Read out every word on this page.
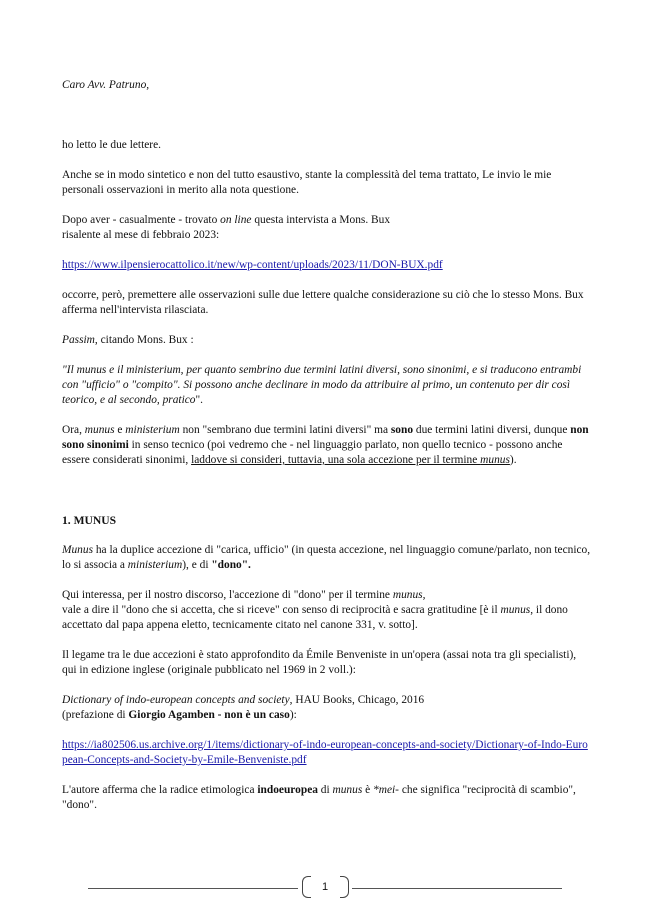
Caro Avv. Patruno,

ho letto le due lettere.

Anche se in modo sintetico e non del tutto esaustivo, stante la complessità del tema trattato, Le invio le mie personali osservazioni in merito alla nota questione.

Dopo aver - casualmente - trovato on line questa intervista a Mons. Bux
risalente al mese di febbraio 2023:

https://www.ilpensierocattolico.it/new/wp-content/uploads/2023/11/DON-BUX.pdf

occorre, però, premettere alle osservazioni sulle due lettere qualche considerazione su ciò che lo stesso Mons. Bux afferma nell'intervista rilasciata.

Passim, citando Mons. Bux :

"Il munus e il ministerium, per quanto sembrino due termini latini diversi, sono sinonimi, e si traducono entrambi con "ufficio" o "compito". Si possono anche declinare in modo da attribuire al primo, un contenuto per dir così teorico, e al secondo, pratico".

Ora, munus e ministerium non "sembrano due termini latini diversi" ma sono due termini latini diversi, dunque non sono sinonimi in senso tecnico (poi vedremo che - nel linguaggio parlato, non quello tecnico - possono anche essere considerati sinonimi, laddove si consideri, tuttavia, una sola accezione per il termine munus).

1. MUNUS

Munus ha la duplice accezione di "carica, ufficio" (in questa accezione, nel linguaggio comune/parlato, non tecnico, lo si associa a ministerium), e di "dono".

Qui interessa, per il nostro discorso, l'accezione di "dono" per il termine munus,
vale a dire il "dono che si accetta, che si riceve" con senso di reciprocità e sacra gratitudine [è il munus, il dono accettato dal papa appena eletto, tecnicamente citato nel canone 331, v. sotto].

Il legame tra le due accezioni è stato approfondito da Émile Benveniste in un'opera (assai nota tra gli specialisti), qui in edizione inglese (originale pubblicato nel 1969 in 2 voll.):

Dictionary of indo-european concepts and society, HAU Books, Chicago, 2016
(prefazione di Giorgio Agamben - non è un caso):

https://ia802506.us.archive.org/1/items/dictionary-of-indo-european-concepts-and-society/Dictionary-of-Indo-European-Concepts-and-Society-by-Emile-Benveniste.pdf

L'autore afferma che la radice etimologica indoeuropea di munus è *mei- che significa "reciprocità di scambio", "dono".

1
